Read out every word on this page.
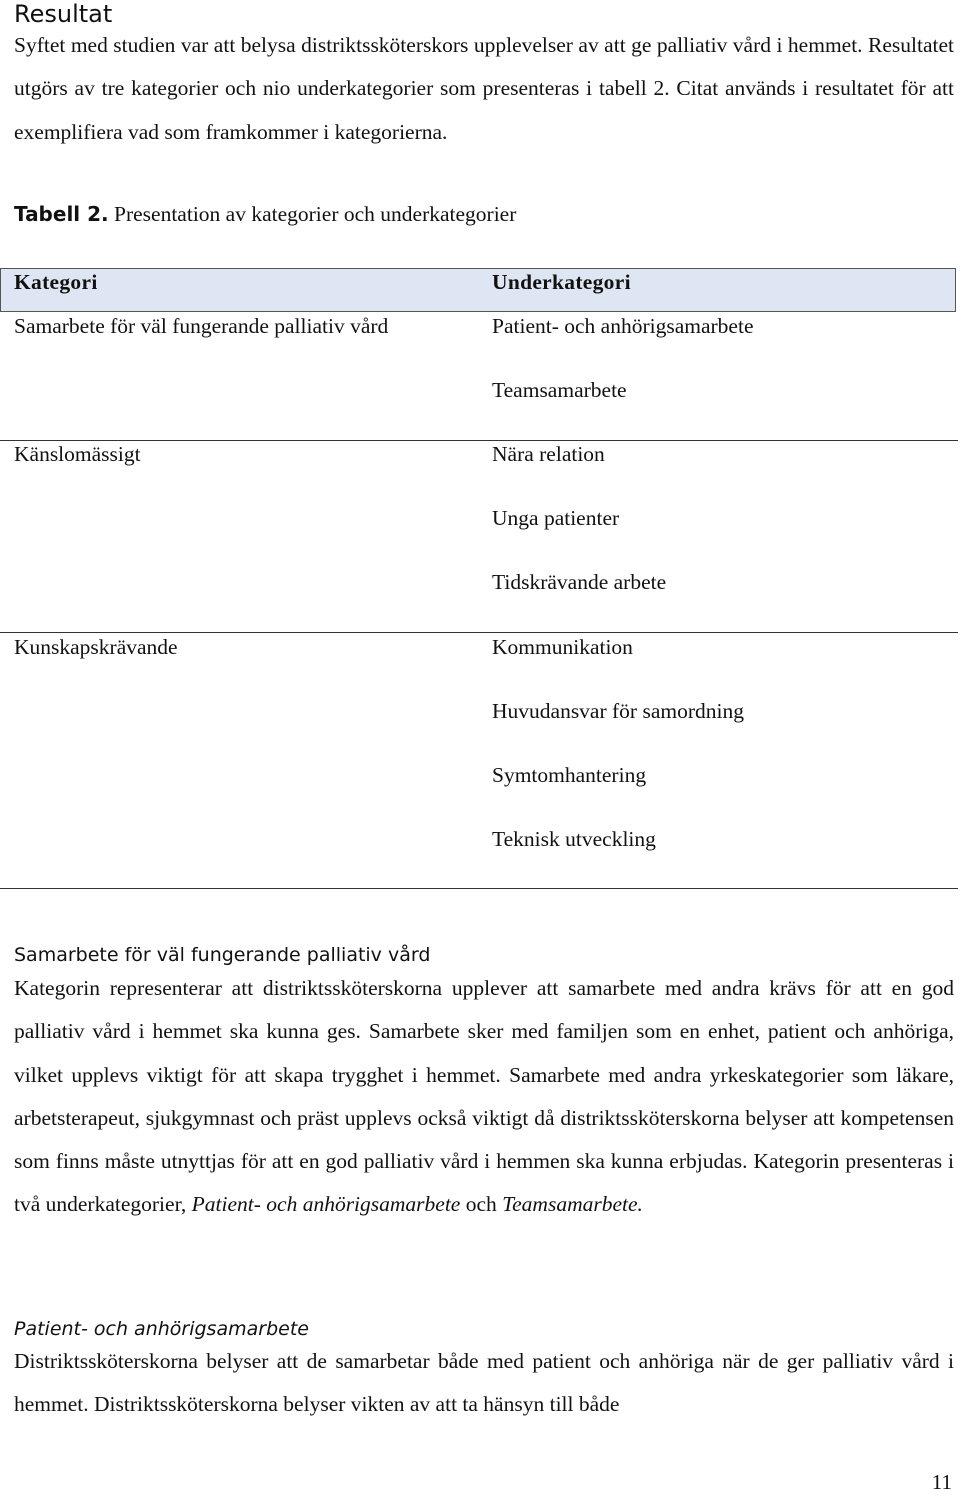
Resultat

Syftet med studien var att belysa distriktssköterskors upplevelser av att ge palliativ vård i hemmet. Resultatet utgörs av tre kategorier och nio underkategorier som presenteras i tabell 2. Citat används i resultatet för att exemplifiera vad som framkommer i kategorierna.

Tabell 2. Presentation av kategorier och underkategorier
Kategori	Underkategori
Samarbete för väl fungerande palliativ vård	Patient- och anhörigsamarbete
Teamsamarbete
Känslomässigt	Nära relation
Unga patienter
Tidskrävande arbete
Kunskapskrävande	Kommunikation
Huvudansvar för samordning
Symtomhantering
Teknisk utveckling
Samarbete för väl fungerande palliativ vård

Kategorin representerar att distriktssköterskorna upplever att samarbete med andra krävs för att en god palliativ vård i hemmet ska kunna ges. Samarbete sker med familjen som en enhet, patient och anhöriga, vilket upplevs viktigt för att skapa trygghet i hemmet. Samarbete med andra yrkeskategorier som läkare, arbetsterapeut, sjukgymnast och präst upplevs också viktigt då distriktssköterskorna belyser att kompetensen som finns måste utnyttjas för att en god palliativ vård i hemmen ska kunna erbjudas. Kategorin presenteras i två underkategorier, Patient- och anhörigsamarbete och Teamsamarbete.

Patient- och anhörigsamarbete

Distriktssköterskorna belyser att de samarbetar både med patient och anhöriga när de ger palliativ vård i hemmet. Distriktssköterskorna belyser vikten av att ta hänsyn till både

11
